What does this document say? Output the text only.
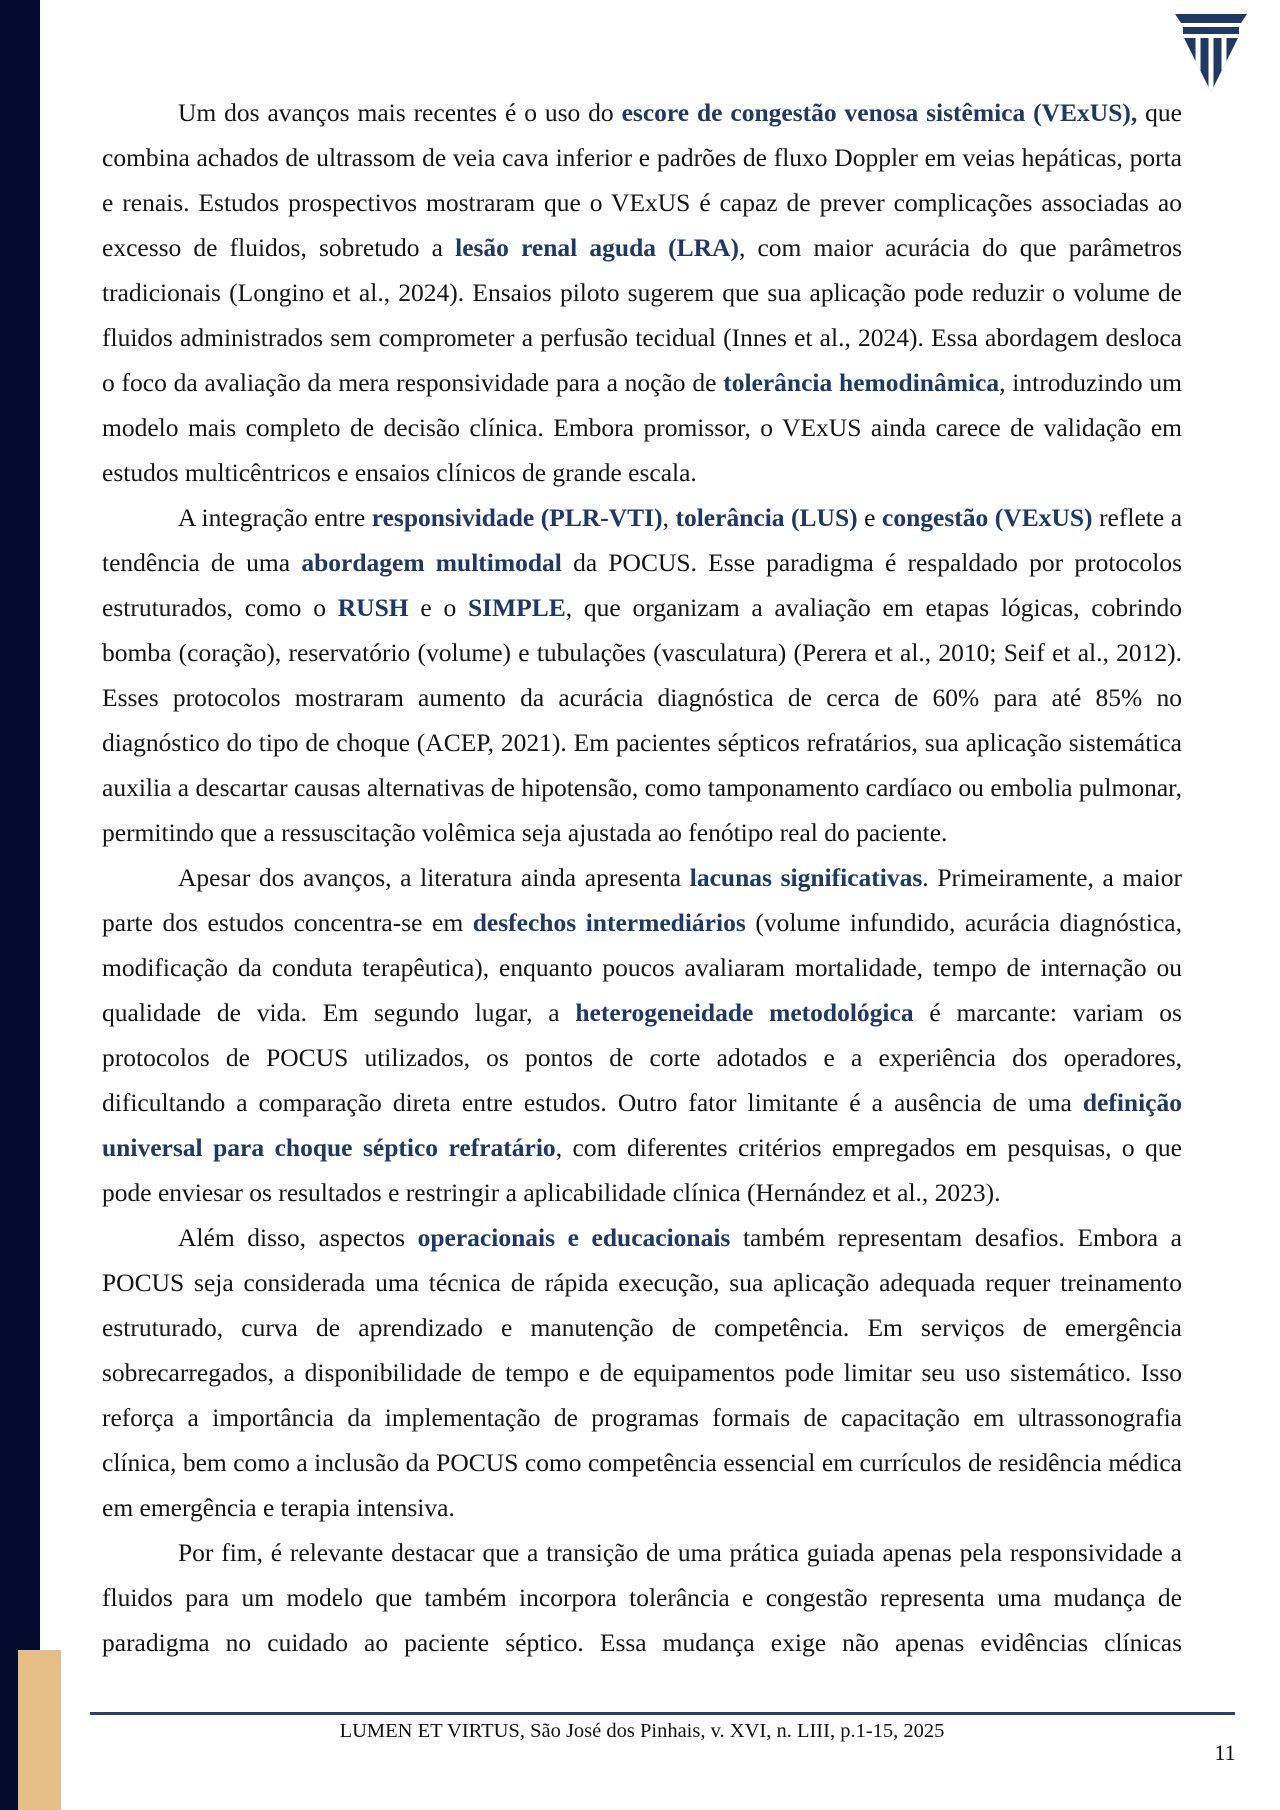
Um dos avanços mais recentes é o uso do escore de congestão venosa sistêmica (VExUS), que combina achados de ultrassom de veia cava inferior e padrões de fluxo Doppler em veias hepáticas, porta e renais. Estudos prospectivos mostraram que o VExUS é capaz de prever complicações associadas ao excesso de fluidos, sobretudo a lesão renal aguda (LRA), com maior acurácia do que parâmetros tradicionais (Longino et al., 2024). Ensaios piloto sugerem que sua aplicação pode reduzir o volume de fluidos administrados sem comprometer a perfusão tecidual (Innes et al., 2024). Essa abordagem desloca o foco da avaliação da mera responsividade para a noção de tolerância hemodinâmica, introduzindo um modelo mais completo de decisão clínica. Embora promissor, o VExUS ainda carece de validação em estudos multicêntricos e ensaios clínicos de grande escala.

A integração entre responsividade (PLR-VTI), tolerância (LUS) e congestão (VExUS) reflete a tendência de uma abordagem multimodal da POCUS. Esse paradigma é respaldado por protocolos estruturados, como o RUSH e o SIMPLE, que organizam a avaliação em etapas lógicas, cobrindo bomba (coração), reservatório (volume) e tubulações (vasculatura) (Perera et al., 2010; Seif et al., 2012). Esses protocolos mostraram aumento da acurácia diagnóstica de cerca de 60% para até 85% no diagnóstico do tipo de choque (ACEP, 2021). Em pacientes sépticos refratários, sua aplicação sistemática auxilia a descartar causas alternativas de hipotensão, como tamponamento cardíaco ou embolia pulmonar, permitindo que a ressuscitação volêmica seja ajustada ao fenótipo real do paciente.

Apesar dos avanços, a literatura ainda apresenta lacunas significativas. Primeiramente, a maior parte dos estudos concentra-se em desfechos intermediários (volume infundido, acurácia diagnóstica, modificação da conduta terapêutica), enquanto poucos avaliaram mortalidade, tempo de internação ou qualidade de vida. Em segundo lugar, a heterogeneidade metodológica é marcante: variam os protocolos de POCUS utilizados, os pontos de corte adotados e a experiência dos operadores, dificultando a comparação direta entre estudos. Outro fator limitante é a ausência de uma definição universal para choque séptico refratário, com diferentes critérios empregados em pesquisas, o que pode enviesar os resultados e restringir a aplicabilidade clínica (Hernández et al., 2023).

Além disso, aspectos operacionais e educacionais também representam desafios. Embora a POCUS seja considerada uma técnica de rápida execução, sua aplicação adequada requer treinamento estruturado, curva de aprendizado e manutenção de competência. Em serviços de emergência sobrecarregados, a disponibilidade de tempo e de equipamentos pode limitar seu uso sistemático. Isso reforça a importância da implementação de programas formais de capacitação em ultrassonografia clínica, bem como a inclusão da POCUS como competência essencial em currículos de residência médica em emergência e terapia intensiva.

Por fim, é relevante destacar que a transição de uma prática guiada apenas pela responsividade a fluidos para um modelo que também incorpora tolerância e congestão representa uma mudança de paradigma no cuidado ao paciente séptico. Essa mudança exige não apenas evidências clínicas

LUMEN ET VIRTUS, São José dos Pinhais, v. XVI, n. LIII, p.1-15, 2025
11
